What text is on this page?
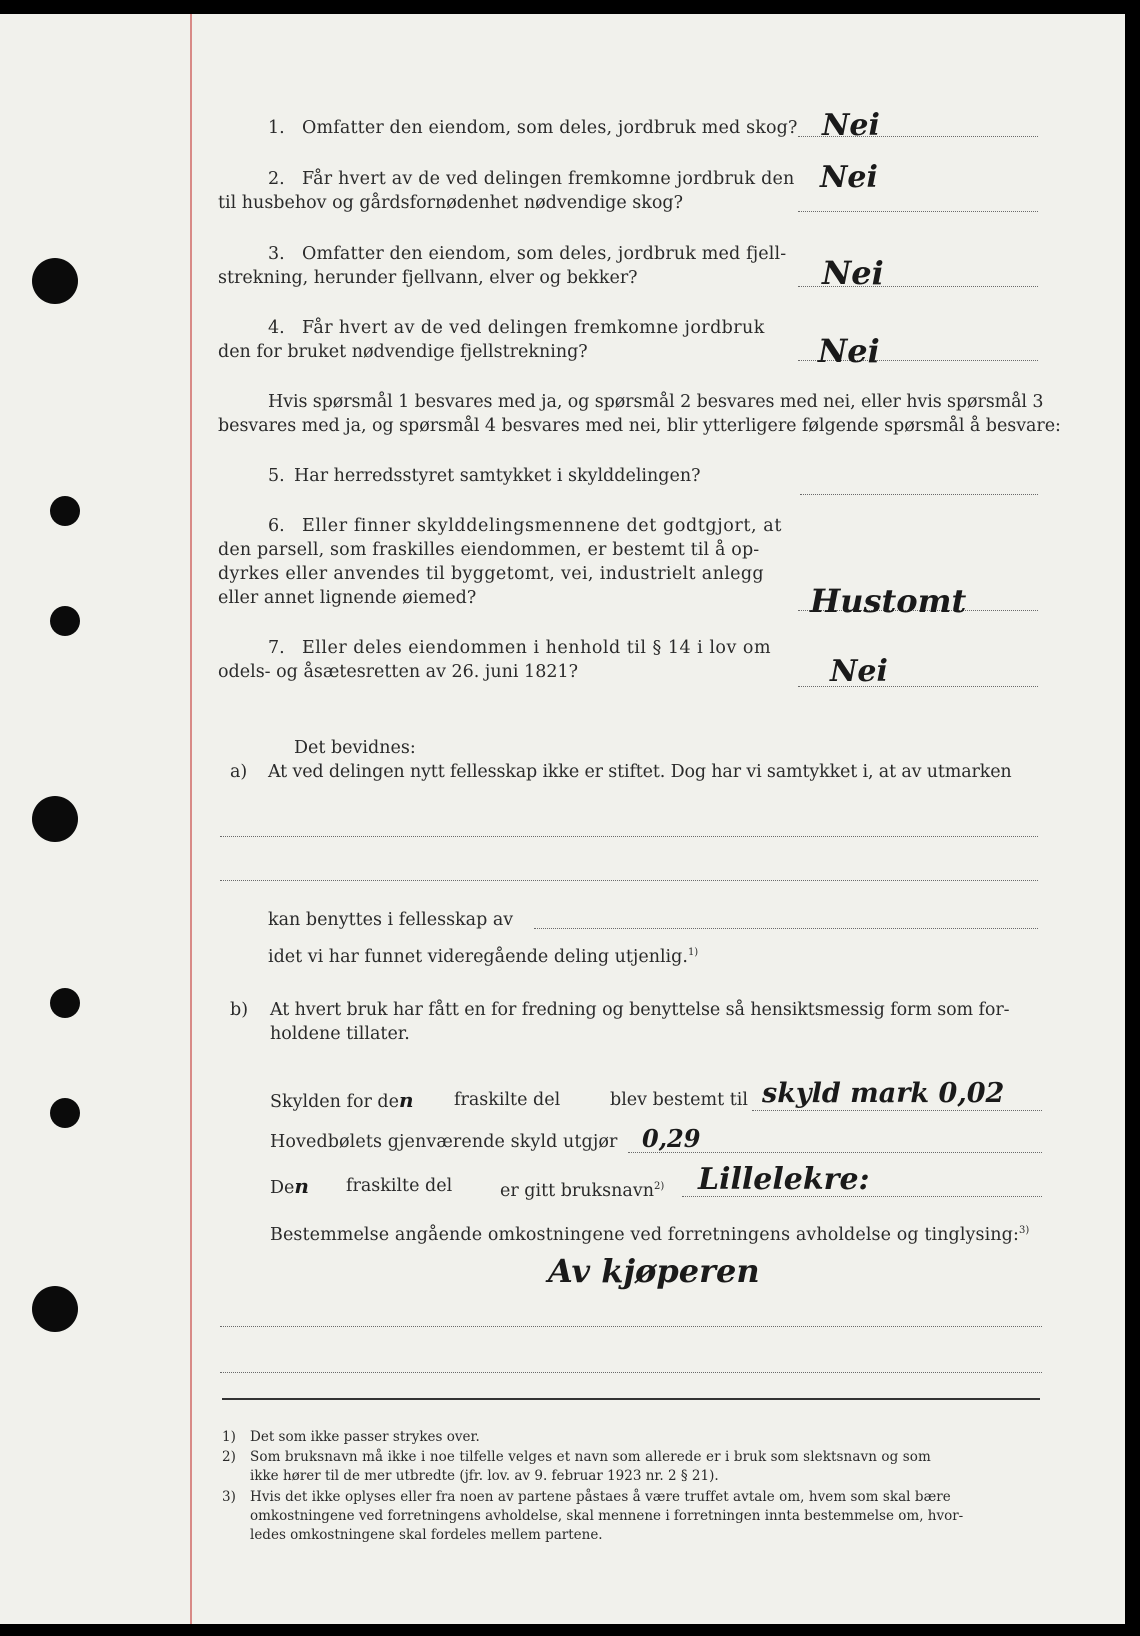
1. Omfatter den eiendom, som deles, jordbruk med skog? Nei
2. Får hvert av de ved delingen fremkomne jordbruk den
til husbehov og gårdsfornødenhet nødvendige skog?
Nei
3. Omfatter den eiendom, som deles, jordbruk med fjell-
strekning, herunder fjellvann, elver og bekker?	Nei
4. Får hvert av de ved delingen fremkomne jordbruk
den for bruket nødvendige fjellstrekning?	Nei
Hvis spørsmål 1 besvares med ja, og spørsmål 2 besvares med nei, eller hvis spørsmål 3
besvares med ja, og spørsmål 4 besvares med nei, blir ytterligere følgende spørsmål å besvare:
5. Har herredsstyret samtykket i skylddelingen?
6. Eller finner skylddelingsmennene det godtgjort, at
den parsell, som fraskilles eiendommen, er bestemt til å op-
dyrkes eller anvendes til byggetomt, vei, industrielt anlegg
eller annet lignende øiemed?	Hustomt
7. Eller deles eiendommen i henhold til § 14 i lov om
odels- og åsætesretten av 26. juni 1821?	Nei
Det bevidnes:
a) At ved delingen nytt fellesskap ikke er stiftet. Dog har vi samtykket i, at av utmarken
kan benyttes i fellesskap av
idet vi har funnet videregående deling utjenlig.$^{1)}$
b) At hvert bruk har fått en for fredning og benyttelse så hensiktsmessig form som for-
holdene tillater.
Skylden for den fraskilte del	blev bestemt til skyld mark 0,02
Hovedbølets gjenværende skyld utgjør 0,29
Den fraskilte del	er gitt bruksnavn$^{2)}$ Lillelekre:
Bestemmelse angående omkostningene ved forretningens avholdelse og tinglysing:$^{3)}$
Av kjøperen
1) Det som ikke passer strykes over.
2) Som bruksnavn må ikke i noe tilfelle velges et navn som allerede er i bruk som slektsnavn og som
ikke hører til de mer utbredte (jfr. lov. av 9. februar 1923 nr. 2 § 21).
3) Hvis det ikke oplyses eller fra noen av partene påstaes å være truffet avtale om, hvem som skal bære
omkostningene ved forretningens avholdelse, skal mennene i forretningen innta bestemmelse om, hvor-
ledes omkostningene skal fordeles mellem partene.
